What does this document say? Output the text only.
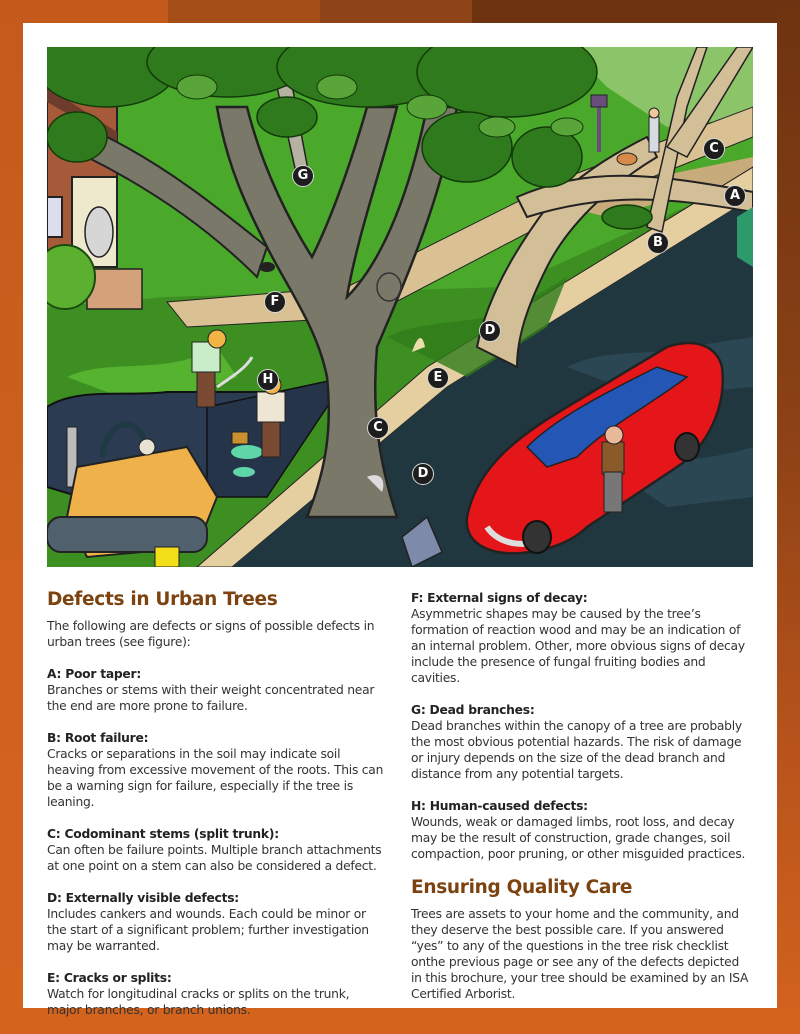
G
F
H
C
D
E
D
C
A
B
Defects in Urban Trees

The following are defects or signs of possible defects in urban trees (see figure):

A: Poor taper:

Branches or stems with their weight concentrated near the end are more prone to failure.

B: Root failure:

Cracks or separations in the soil may indicate soil heaving from excessive movement of the roots. This can be a warning sign for failure, especially if the tree is leaning.

C: Codominant stems (split trunk):

Can often be failure points. Multiple branch attachments at one point on a stem can also be considered a defect.

D: Externally visible defects:

Includes cankers and wounds. Each could be minor or the start of a significant problem; further investigation may be warranted.

E: Cracks or splits:

Watch for longitudinal cracks or splits on the trunk, major branches, or branch unions.

F: External signs of decay:

Asymmetric shapes may be caused by the tree’s formation of reaction wood and may be an indication of an internal problem. Other, more obvious signs of decay include the presence of fungal fruiting bodies and cavities.

G: Dead branches:

Dead branches within the canopy of a tree are probably the most obvious potential hazards. The risk of damage or injury depends on the size of the dead branch and distance from any potential targets.

H: Human-caused defects:

Wounds, weak or damaged limbs, root loss, and decay may be the result of construction, grade changes, soil compaction, poor pruning, or other misguided practices.

Ensuring Quality Care

Trees are assets to your home and the community, and they deserve the best possible care. If you answered “yes” to any of the questions in the tree risk checklist onthe previous page or see any of the defects depicted in this brochure, your tree should be examined by an ISA Certified Arborist.
